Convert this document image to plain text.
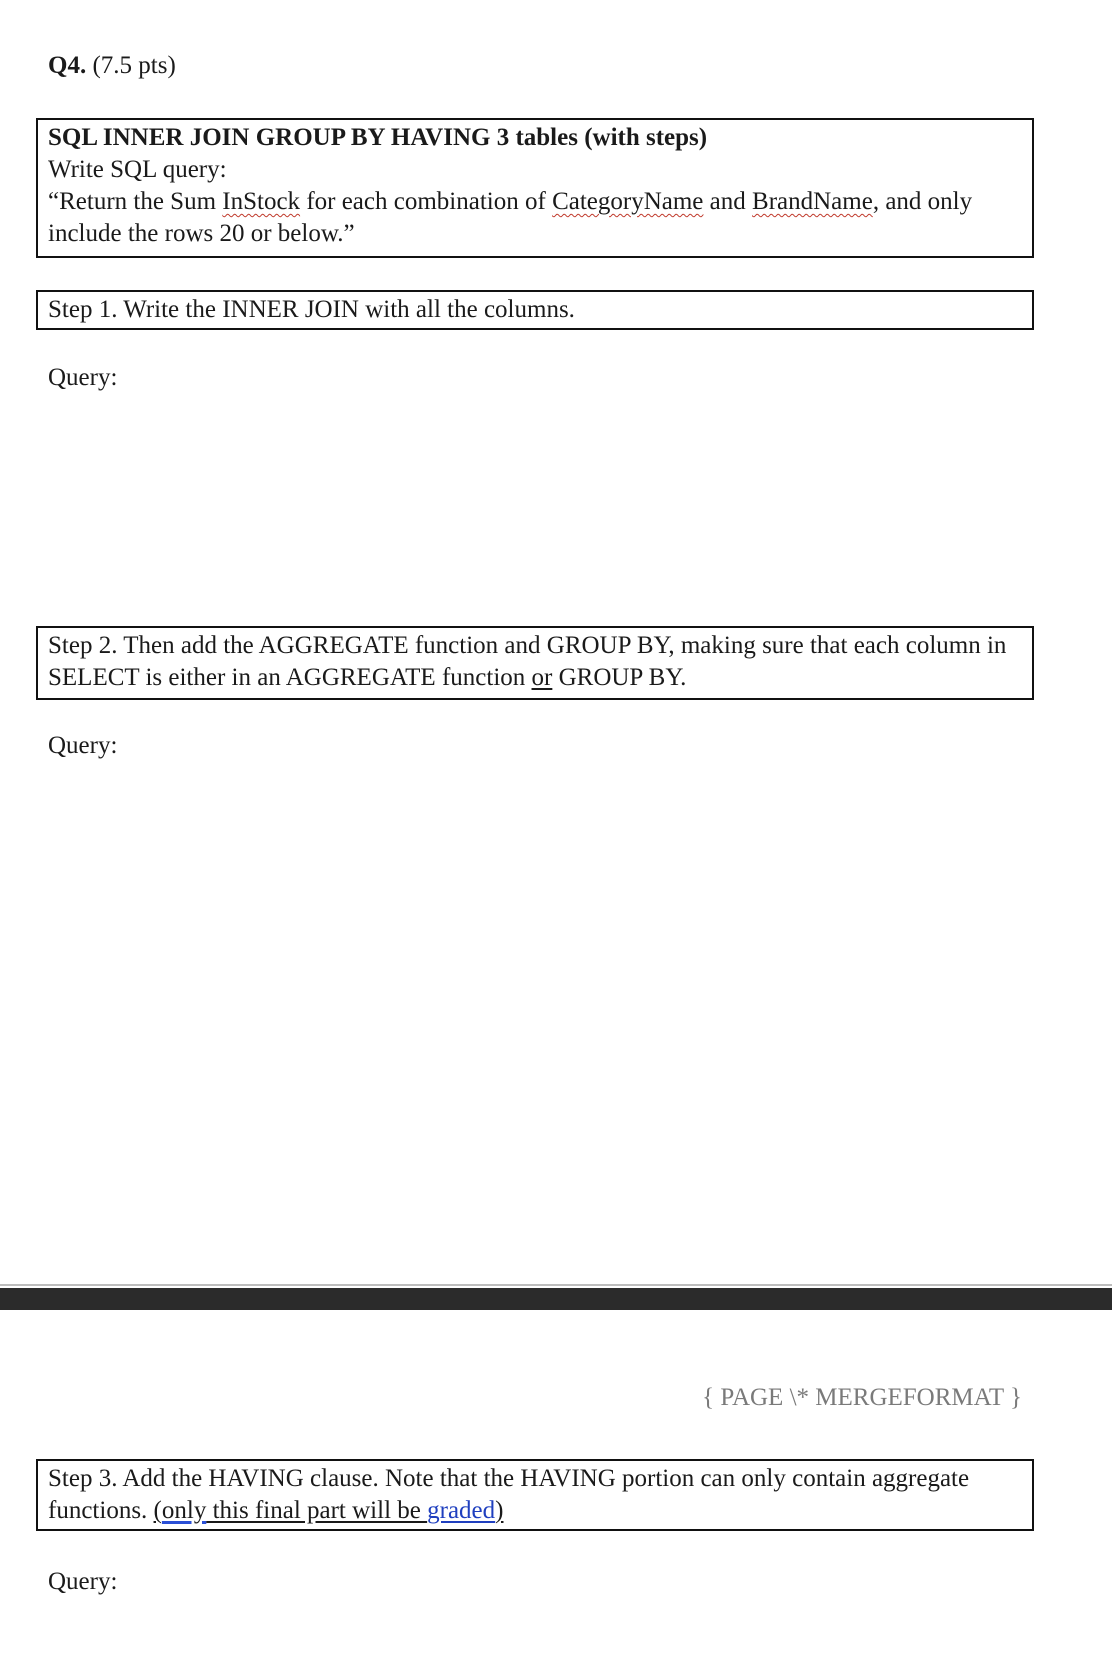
Q4. (7.5 pts)
SQL INNER JOIN GROUP BY HAVING 3 tables (with steps)
Write SQL query:
“Return the Sum InStock for each combination of CategoryName and BrandName, and only
include the rows 20 or below.”
Step 1. Write the INNER JOIN with all the columns.
Query:
Step 2. Then add the AGGREGATE function and GROUP BY, making sure that each column in
SELECT is either in an AGGREGATE function or GROUP BY.
Query:
{ PAGE \* MERGEFORMAT }
Step 3. Add the HAVING clause. Note that the HAVING portion can only contain aggregate
functions. (only this final part will be graded)
Query:
